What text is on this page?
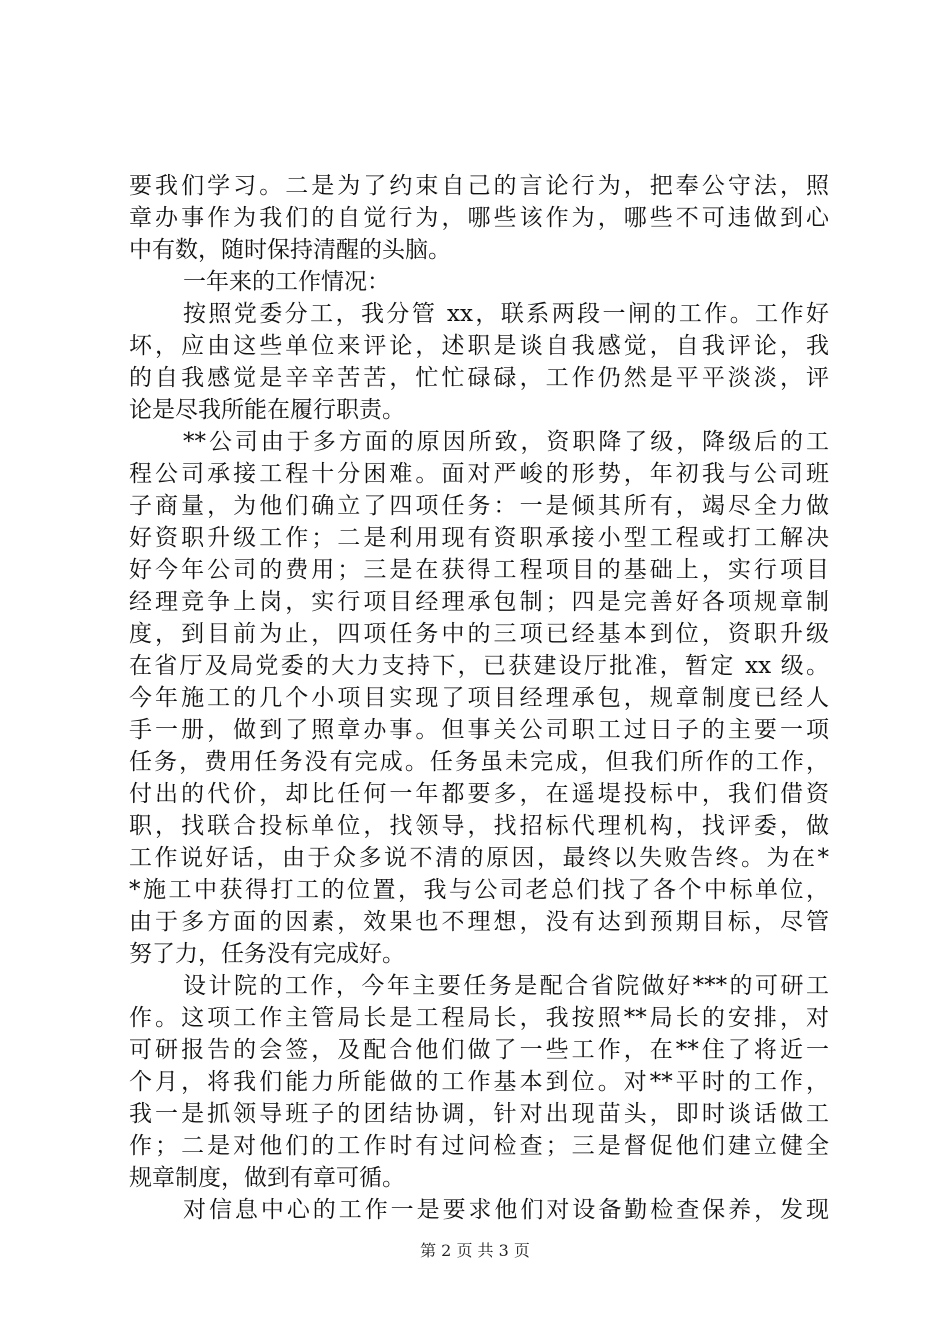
要我们学习。二是为了约束自己的言论行为，把奉公守法，照
章办事作为我们的自觉行为，哪些该作为，哪些不可违做到心
中有数，随时保持清醒的头脑。
一年来的工作情况：
按照党委分工，我分管 xx，联系两段一闸的工作。工作好
坏，应由这些单位来评论，述职是谈自我感觉，自我评论，我
的自我感觉是辛辛苦苦，忙忙碌碌，工作仍然是平平淡淡，评
论是尽我所能在履行职责。
**公司由于多方面的原因所致，资职降了级，降级后的工
程公司承接工程十分困难。面对严峻的形势，年初我与公司班
子商量，为他们确立了四项任务：一是倾其所有，竭尽全力做
好资职升级工作；二是利用现有资职承接小型工程或打工解决
好今年公司的费用；三是在获得工程项目的基础上，实行项目
经理竞争上岗，实行项目经理承包制；四是完善好各项规章制
度，到目前为止，四项任务中的三项已经基本到位，资职升级
在省厅及局党委的大力支持下，已获建设厅批准，暂定 xx 级。
今年施工的几个小项目实现了项目经理承包，规章制度已经人
手一册，做到了照章办事。但事关公司职工过日子的主要一项
任务，费用任务没有完成。任务虽未完成，但我们所作的工作，
付出的代价，却比任何一年都要多，在遥堤投标中，我们借资
职，找联合投标单位，找领导，找招标代理机构，找评委，做
工作说好话，由于众多说不清的原因，最终以失败告终。为在*
*施工中获得打工的位置，我与公司老总们找了各个中标单位，
由于多方面的因素，效果也不理想，没有达到预期目标，尽管
努了力，任务没有完成好。
设计院的工作，今年主要任务是配合省院做好***的可研工
作。这项工作主管局长是工程局长，我按照**局长的安排，对
可研报告的会签，及配合他们做了一些工作，在**住了将近一
个月，将我们能力所能做的工作基本到位。对**平时的工作，
我一是抓领导班子的团结协调，针对出现苗头，即时谈话做工
作；二是对他们的工作时有过问检查；三是督促他们建立健全
规章制度，做到有章可循。
对信息中心的工作一是要求他们对设备勤检查保养，发现
第 2 页 共 3 页
